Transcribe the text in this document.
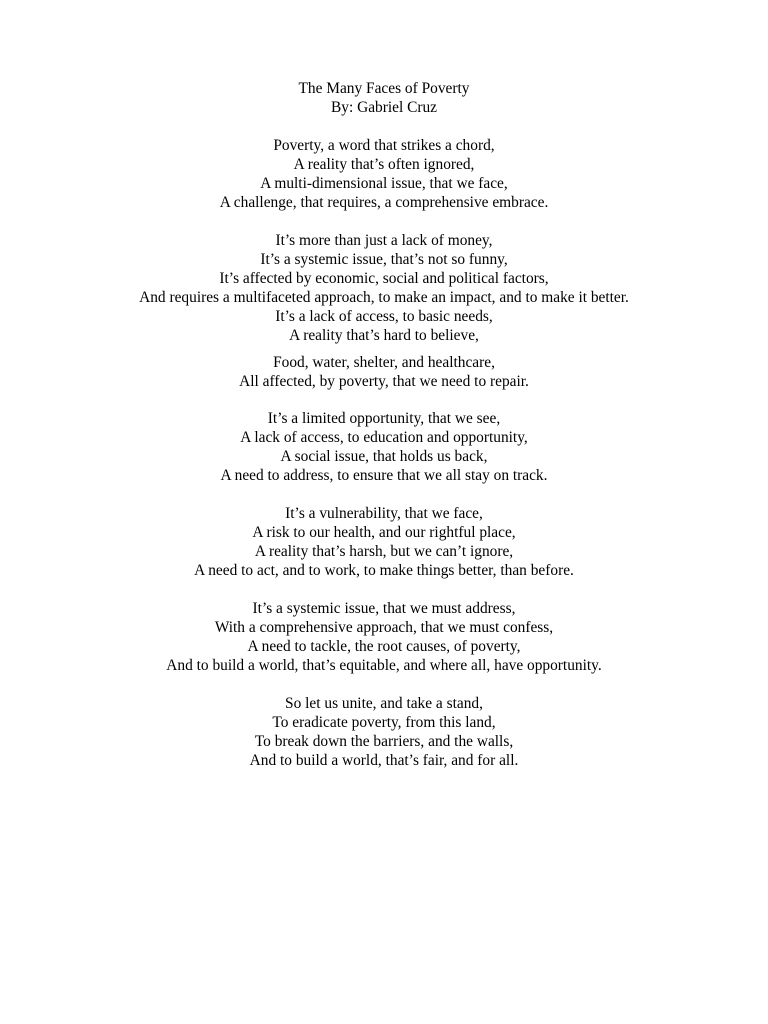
The Many Faces of Poverty
By: Gabriel Cruz
Poverty, a word that strikes a chord,
A reality that’s often ignored,
A multi-dimensional issue, that we face,
A challenge, that requires, a comprehensive embrace.
It’s more than just a lack of money,
It’s a systemic issue, that’s not so funny,
It’s affected by economic, social and political factors,
And requires a multifaceted approach, to make an impact, and to make it better.
It’s a lack of access, to basic needs,
A reality that’s hard to believe,
Food, water, shelter, and healthcare,
All affected, by poverty, that we need to repair.
It’s a limited opportunity, that we see,
A lack of access, to education and opportunity,
A social issue, that holds us back,
A need to address, to ensure that we all stay on track.
It’s a vulnerability, that we face,
A risk to our health, and our rightful place,
A reality that’s harsh, but we can’t ignore,
A need to act, and to work, to make things better, than before.
It’s a systemic issue, that we must address,
With a comprehensive approach, that we must confess,
A need to tackle, the root causes, of poverty,
And to build a world, that’s equitable, and where all, have opportunity.
So let us unite, and take a stand,
To eradicate poverty, from this land,
To break down the barriers, and the walls,
And to build a world, that’s fair, and for all.
